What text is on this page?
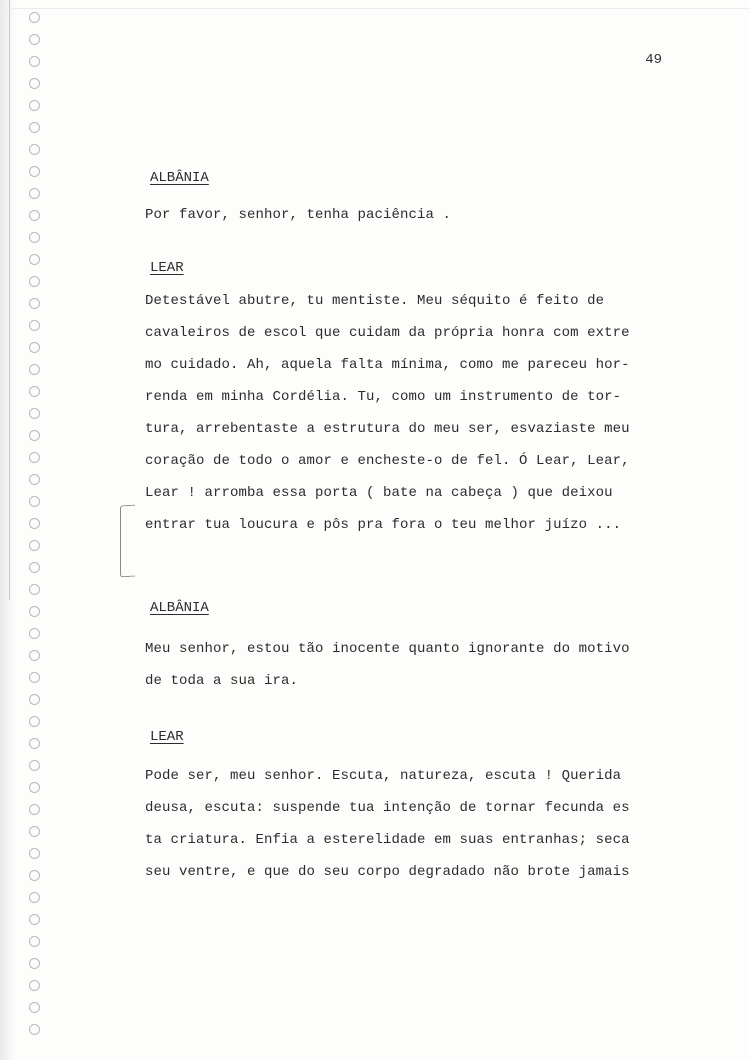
49
ALBÂNIA
Por favor, senhor, tenha paciência .
LEAR
Detestável abutre, tu mentiste. Meu séquito é feito de
cavaleiros de escol que cuidam da própria honra com extre
mo cuidado. Ah, aquela falta mínima, como me pareceu hor-
renda em minha Cordélia. Tu, como um instrumento de tor-
tura, arrebentaste a estrutura do meu ser, esvaziaste meu
coração de todo o amor e encheste-o de fel. Ó Lear, Lear,
Lear ! arromba essa porta ( bate na cabeça ) que deixou
entrar tua loucura e pôs pra fora o teu melhor juízo ...
ALBÂNIA
Meu senhor, estou tão inocente quanto ignorante do motivo
de toda a sua ira.
LEAR
Pode ser, meu senhor. Escuta, natureza, escuta ! Querida
deusa, escuta: suspende tua intenção de tornar fecunda es
ta criatura. Enfia a esterelidade em suas entranhas; seca
seu ventre, e que do seu corpo degradado não brote jamais
